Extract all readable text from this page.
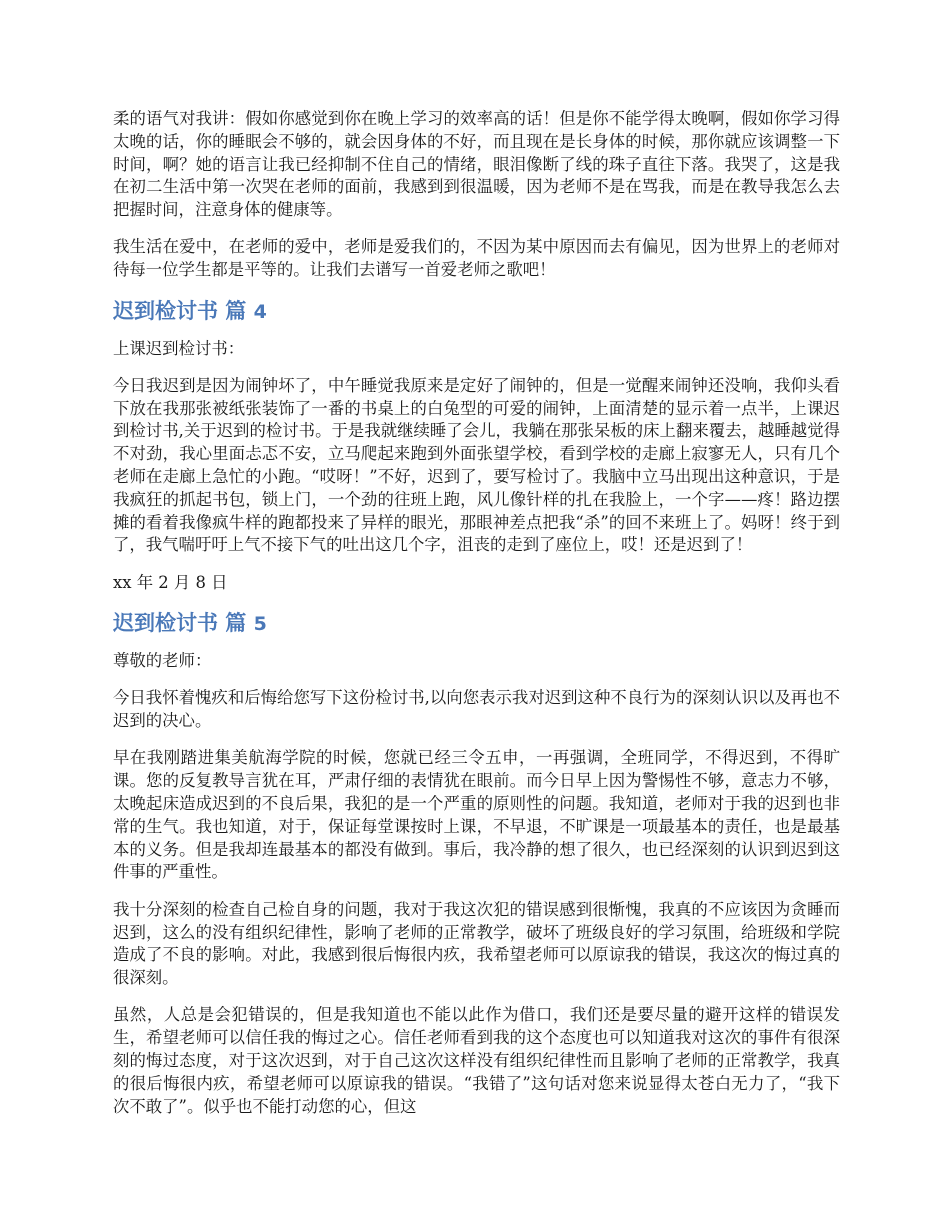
柔的语气对我讲：假如你感觉到你在晚上学习的效率高的话！但是你不能学得太晚啊，假如你学习得太晚的话，你的睡眠会不够的，就会因身体的不好，而且现在是长身体的时候，那你就应该调整一下时间，啊？她的语言让我已经抑制不住自己的情绪，眼泪像断了线的珠子直往下落。我哭了，这是我在初二生活中第一次哭在老师的面前，我感到到很温暖，因为老师不是在骂我，而是在教导我怎么去把握时间，注意身体的健康等。

我生活在爱中，在老师的爱中，老师是爱我们的，不因为某中原因而去有偏见，因为世界上的老师对待每一位学生都是平等的。让我们去谱写一首爱老师之歌吧！

迟到检讨书 篇 4

上课迟到检讨书：

今日我迟到是因为闹钟坏了，中午睡觉我原来是定好了闹钟的，但是一觉醒来闹钟还没响，我仰头看下放在我那张被纸张装饰了一番的书桌上的白兔型的可爱的闹钟，上面清楚的显示着一点半，上课迟到检讨书,关于迟到的检讨书。于是我就继续睡了会儿，我躺在那张呆板的床上翻来覆去，越睡越觉得不对劲，我心里面忐忑不安，立马爬起来跑到外面张望学校，看到学校的走廊上寂寥无人，只有几个老师在走廊上急忙的小跑。“哎呀！”不好，迟到了，要写检讨了。我脑中立马出现出这种意识，于是我疯狂的抓起书包，锁上门，一个劲的往班上跑，风儿像针样的扎在我脸上，一个字——疼！路边摆摊的看着我像疯牛样的跑都投来了异样的眼光，那眼神差点把我“杀”的回不来班上了。妈呀！终于到了，我气喘吁吁上气不接下气的吐出这几个字，沮丧的走到了座位上，哎！还是迟到了！

xx 年 2 月 8 日

迟到检讨书 篇 5

尊敬的老师：

今日我怀着愧疚和后悔给您写下这份检讨书,以向您表示我对迟到这种不良行为的深刻认识以及再也不迟到的决心。

早在我刚踏进集美航海学院的时候，您就已经三令五申，一再强调，全班同学，不得迟到，不得旷课。您的反复教导言犹在耳，严肃仔细的表情犹在眼前。而今日早上因为警惕性不够，意志力不够，太晚起床造成迟到的不良后果，我犯的是一个严重的原则性的问题。我知道，老师对于我的迟到也非常的生气。我也知道，对于，保证每堂课按时上课，不早退，不旷课是一项最基本的责任，也是最基本的义务。但是我却连最基本的都没有做到。事后，我冷静的想了很久，也已经深刻的认识到迟到这件事的严重性。

我十分深刻的检查自己检自身的问题，我对于我这次犯的错误感到很惭愧，我真的不应该因为贪睡而迟到，这么的没有组织纪律性，影响了老师的正常教学，破坏了班级良好的学习氛围，给班级和学院造成了不良的影响。对此，我感到很后悔很内疚，我希望老师可以原谅我的错误，我这次的悔过真的很深刻。

虽然，人总是会犯错误的，但是我知道也不能以此作为借口，我们还是要尽量的避开这样的错误发生，希望老师可以信任我的悔过之心。信任老师看到我的这个态度也可以知道我对这次的事件有很深刻的悔过态度，对于这次迟到，对于自己这次这样没有组织纪律性而且影响了老师的正常教学，我真的很后悔很内疚，希望老师可以原谅我的错误。“我错了”这句话对您来说显得太苍白无力了，“我下次不敢了”。似乎也不能打动您的心，但这
